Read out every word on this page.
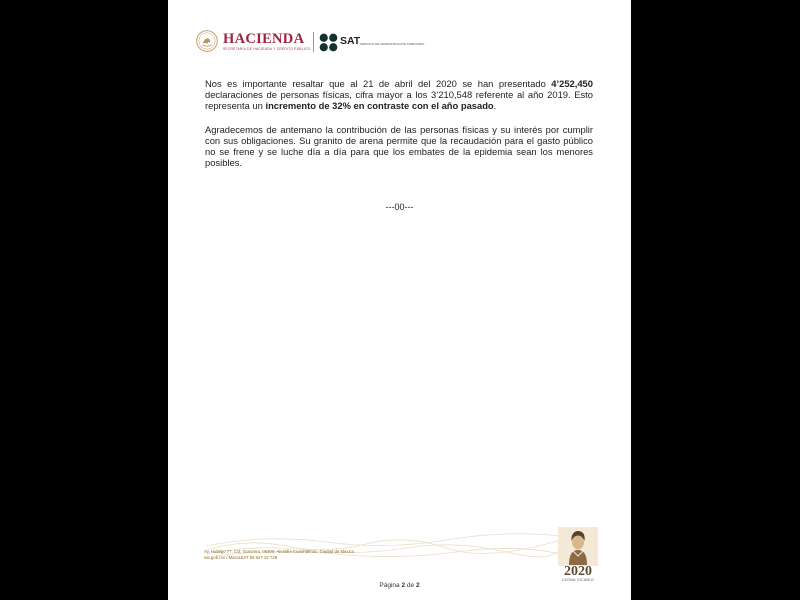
HACIENDA
SECRETARÍA DE HACIENDA Y CRÉDITO PÚBLICO
SAT SERVICIO DE ADMINISTRACIÓN TRIBUTARIA

Nos es importante resaltar que al 21 de abril del 2020 se han presentado 4’252,450 declaraciones de personas físicas, cifra mayor a los 3’210,548 referente al año 2019. Esto representa un incremento de 32% en contraste con el año pasado.

Agradecemos de antemano la contribución de las personas físicas y su interés por cumplir con sus obligaciones. Su granito de arena permite que la recaudación para el gasto público no se frene y se luche día a día para que los embates de la epidemia sean los menores posibles.

---00---
Av. Hidalgo 77, Col. Guerrero, 06300, Alcaldía Cuauhtémoc, Ciudad de México
sat.gob.mx / MarcaSAT 55 627 22 728
2020
LEONA VICARIO
Página 2 de 2
